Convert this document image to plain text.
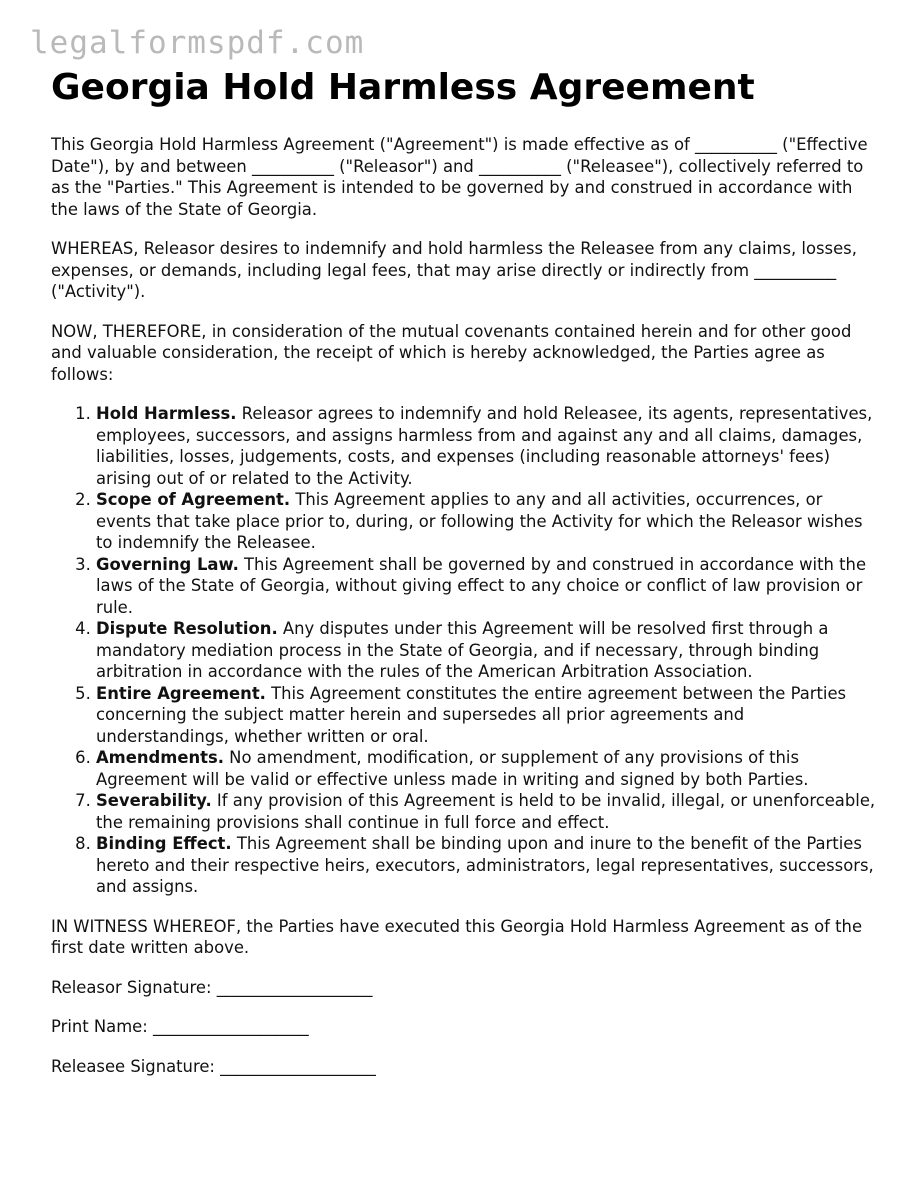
legalformspdf.com
Georgia Hold Harmless Agreement

This Georgia Hold Harmless Agreement ("Agreement") is made effective as of __________ ("Effective Date"), by and between __________ ("Releasor") and __________ ("Releasee"), collectively referred to as the "Parties." This Agreement is intended to be governed by and construed in accordance with the laws of the State of Georgia.

WHEREAS, Releasor desires to indemnify and hold harmless the Releasee from any claims, losses, expenses, or demands, including legal fees, that may arise directly or indirectly from __________ ("Activity").

NOW, THEREFORE, in consideration of the mutual covenants contained herein and for other good and valuable consideration, the receipt of which is hereby acknowledged, the Parties agree as follows:

1. Hold Harmless. Releasor agrees to indemnify and hold Releasee, its agents, representatives, employees, successors, and assigns harmless from and against any and all claims, damages, liabilities, losses, judgements, costs, and expenses (including reasonable attorneys' fees) arising out of or related to the Activity.
2. Scope of Agreement. This Agreement applies to any and all activities, occurrences, or events that take place prior to, during, or following the Activity for which the Releasor wishes to indemnify the Releasee.
3. Governing Law. This Agreement shall be governed by and construed in accordance with the laws of the State of Georgia, without giving effect to any choice or conflict of law provision or rule.
4. Dispute Resolution. Any disputes under this Agreement will be resolved first through a mandatory mediation process in the State of Georgia, and if necessary, through binding arbitration in accordance with the rules of the American Arbitration Association.
5. Entire Agreement. This Agreement constitutes the entire agreement between the Parties concerning the subject matter herein and supersedes all prior agreements and understandings, whether written or oral.
6. Amendments. No amendment, modification, or supplement of any provisions of this Agreement will be valid or effective unless made in writing and signed by both Parties.
7. Severability. If any provision of this Agreement is held to be invalid, illegal, or unenforceable, the remaining provisions shall continue in full force and effect.
8. Binding Effect. This Agreement shall be binding upon and inure to the benefit of the Parties hereto and their respective heirs, executors, administrators, legal representatives, successors, and assigns.

IN WITNESS WHEREOF, the Parties have executed this Georgia Hold Harmless Agreement as of the first date written above.

Releasor Signature: ___________________
Print Name: ___________________
Releasee Signature: ___________________
